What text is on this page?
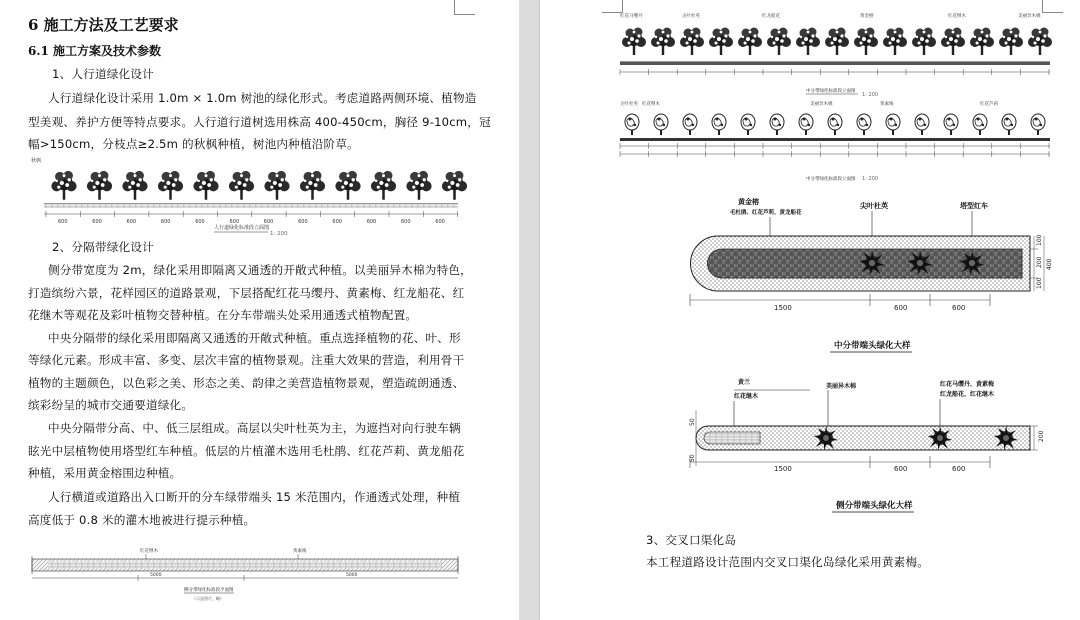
6 施工方法及工艺要求
6.1 施工方案及技术参数
1、人行道绿化设计
人行道绿化设计采用 1.0m × 1.0m 树池的绿化形式。考虑道路两侧环境、植物造
型美观、养护方便等特点要求。人行道行道树选用株高 400-450cm，胸径 9-10cm，冠
幅>150cm，分枝点≥2.5m 的秋枫种植，树池内种植沿阶草。
秋枫
600	600	600	600	600	600	600	600	600	600	600	600
人行道绿化标准段立面图
1: 200
2、分隔带绿化设计
侧分带宽度为 2m，绿化采用即隔离又通透的开敞式种植。以美丽异木棉为特色，
打造缤纷六景，花样园区的道路景观，下层搭配红花马缨丹、黄素梅、红龙船花、红
花继木等观花及彩叶植物交替种植。在分车带端头处采用通透式植物配置。
中央分隔带的绿化采用即隔离又通透的开敞式种植。重点选择植物的花、叶、形
等绿化元素。形成丰富、多变、层次丰富的植物景观。注重大效果的营造，利用骨干
植物的主题颜色，以色彩之美、形态之美、韵律之美营造植物景观，塑造疏朗通透、
缤彩纷呈的城市交通要道绿化。
中央分隔带分高、中、低三层组成。高层以尖叶杜英为主，为遮挡对向行驶车辆
眩光中层植物使用塔型红车种植。低层的片植灌木选用毛杜鹃、红花芦莉、黄龙船花
种植，采用黄金榕围边种植。
人行横道或道路出入口断开的分车绿带端头 15 米范围内，作通透式处理，种植
高度低于 0.8 米的灌木地被进行提示种植。
红花继木	黄素梅
5000	5000
侧分带绿化标准段平面图
（示意图片，略）
红花马缨丹	尖叶杜英	红龙船花	黄金榕	红花继木	美丽异木棉
中分带绿化标准段立面图
1: 200
尖叶杜英 红花继木	美丽异木棉	黄素梅	红花芦莉
中分带绿化标准段立面图 1: 200
黄金榕
毛杜鹃、红花芦莉、黄龙船花
尖叶杜英	塔型红车
100
200
100
400
1500	600	600
中分带端头绿化大样
黄兰
红花继木
美丽异木棉	红花马缨丹、黄素梅
红龙船花、红花继木
200
50
50
1500	600	600
侧分带端头绿化大样
3、交叉口渠化岛
本工程道路设计范围内交叉口渠化岛绿化采用黄素梅。
